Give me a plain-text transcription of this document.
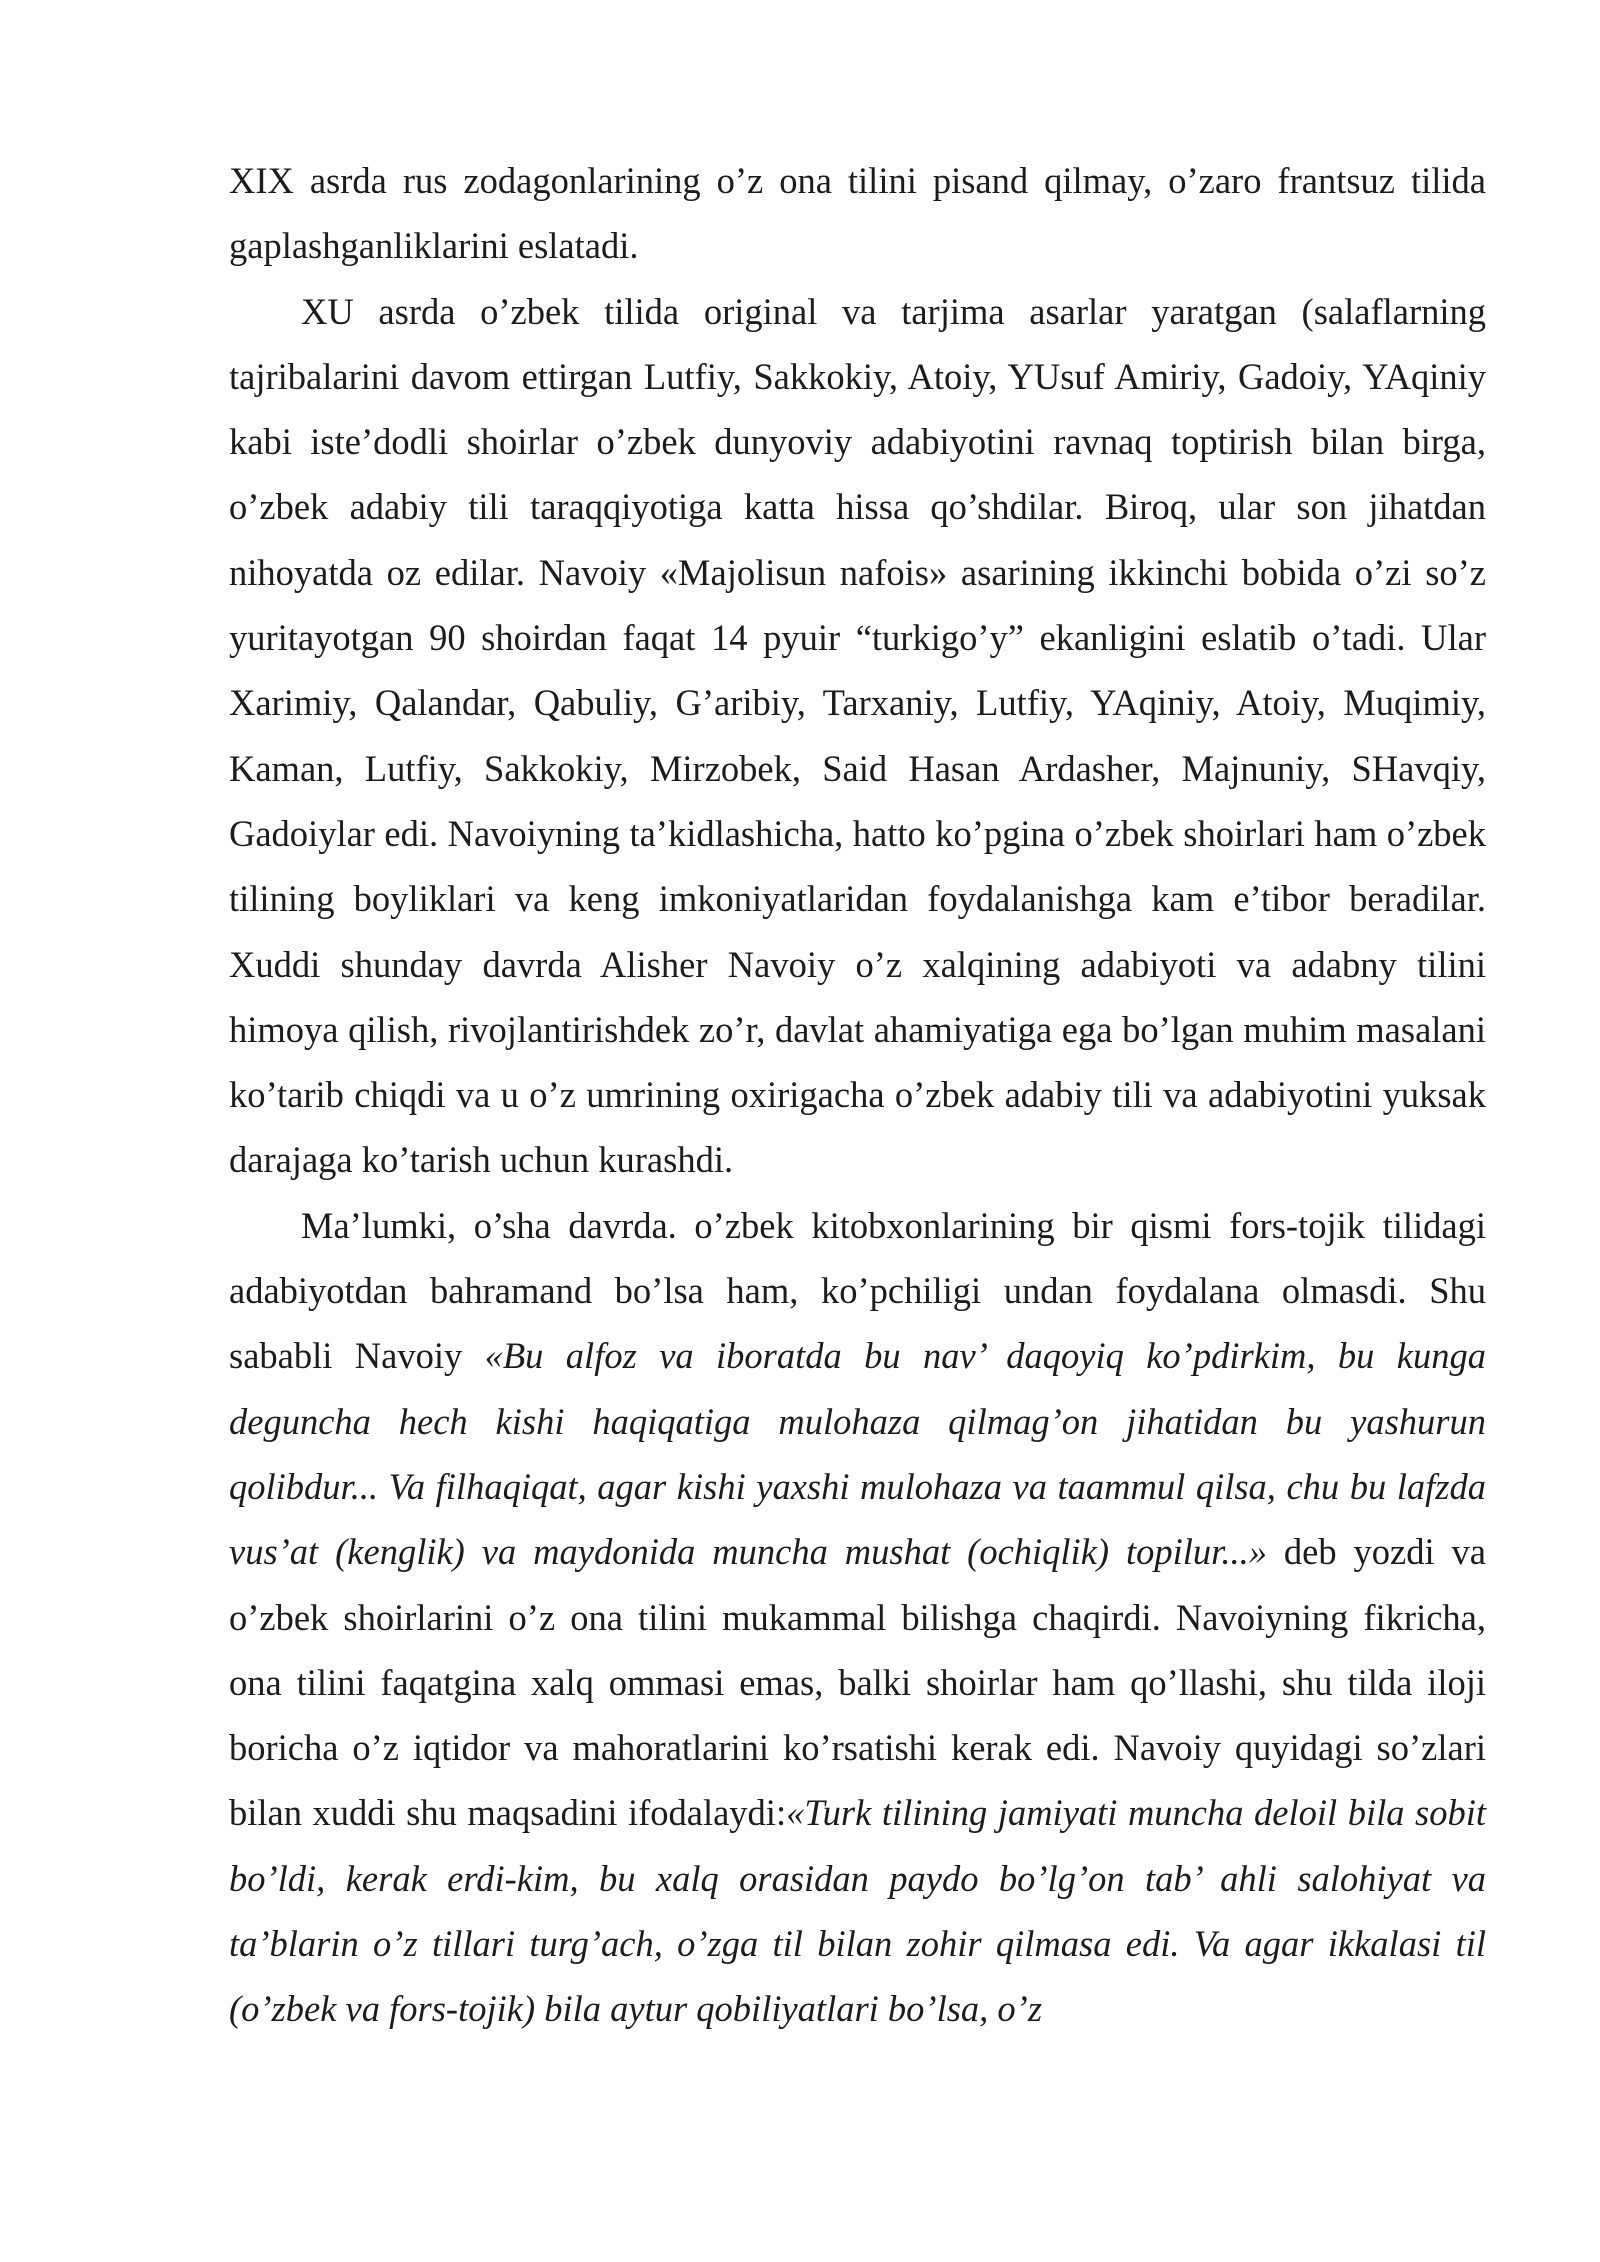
XIX asrda rus zodagonlarining o’z ona tilini pisand qilmay, o’zaro frantsuz tilida gaplashganliklarini eslatadi.

XU asrda o’zbek tilida original va tarjima asarlar yaratgan (salaflarning tajribalarini davom ettirgan Lutfiy, Sakkokiy, Atoiy, YUsuf Amiriy, Gadoiy, YAqiniy kabi iste’dodli shoirlar o’zbek dunyoviy adabiyotini ravnaq toptirish bilan birga, o’zbek adabiy tili taraqqiyotiga katta hissa qo’shdilar. Biroq, ular son jihatdan nihoyatda oz edilar. Navoiy «Majolisun nafois» asarining ikkinchi bobida o’zi so’z yuritayotgan 90 shoirdan faqat 14 pyuir “turkigo’y” ekanligini eslatib o’tadi. Ular Xarimiy, Qalandar, Qabuliy, G’aribiy, Tarxaniy, Lutfiy, YAqiniy, Atoiy, Muqimiy, Kaman, Lutfiy, Sakkokiy, Mirzobek, Said Hasan Ardasher, Majnuniy, SHavqiy, Gadoiylar edi. Navoiyning ta’kidlashicha, hatto ko’pgina o’zbek shoirlari ham o’zbek tilining boyliklari va keng imkoniyatlaridan foydalanishga kam e’tibor beradilar. Xuddi shunday davrda Alisher Navoiy o’z xalqining adabiyoti va adabny tilini himoya qilish, rivojlantirishdek zo’r, davlat ahamiyatiga ega bo’lgan muhim masalani ko’tarib chiqdi va u o’z umrining oxirigacha o’zbek adabiy tili va adabiyotini yuksak darajaga ko’tarish uchun kurashdi.

Ma’lumki, o’sha davrda. o’zbek kitobxonlarining bir qismi fors-tojik tilidagi adabiyotdan bahramand bo’lsa ham, ko’pchiligi undan foydalana olmasdi. Shu sababli Navoiy «Bu alfoz va iboratda bu nav’ daqoyiq ko’pdirkim, bu kunga deguncha hech kishi haqiqatiga mulohaza qilmag’on jihatidan bu yashurun qolibdur... Va filhaqiqat, agar kishi yaxshi mulohaza va taammul qilsa, chu bu lafzda vus’at (kenglik) va maydonida muncha mushat (ochiqlik) topilur...» deb yozdi va o’zbek shoirlarini o’z ona tilini mukammal bilishga chaqirdi. Navoiyning fikricha, ona tilini faqatgina xalq ommasi emas, balki shoirlar ham qo’llashi, shu tilda iloji boricha o’z iqtidor va mahoratlarini ko’rsatishi kerak edi. Navoiy quyidagi so’zlari bilan xuddi shu maqsadini ifodalaydi:«Turk tilining jamiyati muncha deloil bila sobit bo’ldi, kerak erdi-kim, bu xalq orasidan paydo bo’lg’on tab’ ahli salohiyat va ta’blarin o’z tillari turg’ach, o’zga til bilan zohir qilmasa edi. Va agar ikkalasi til (o’zbek va fors-tojik) bila aytur qobiliyatlari bo’lsa, o’z
